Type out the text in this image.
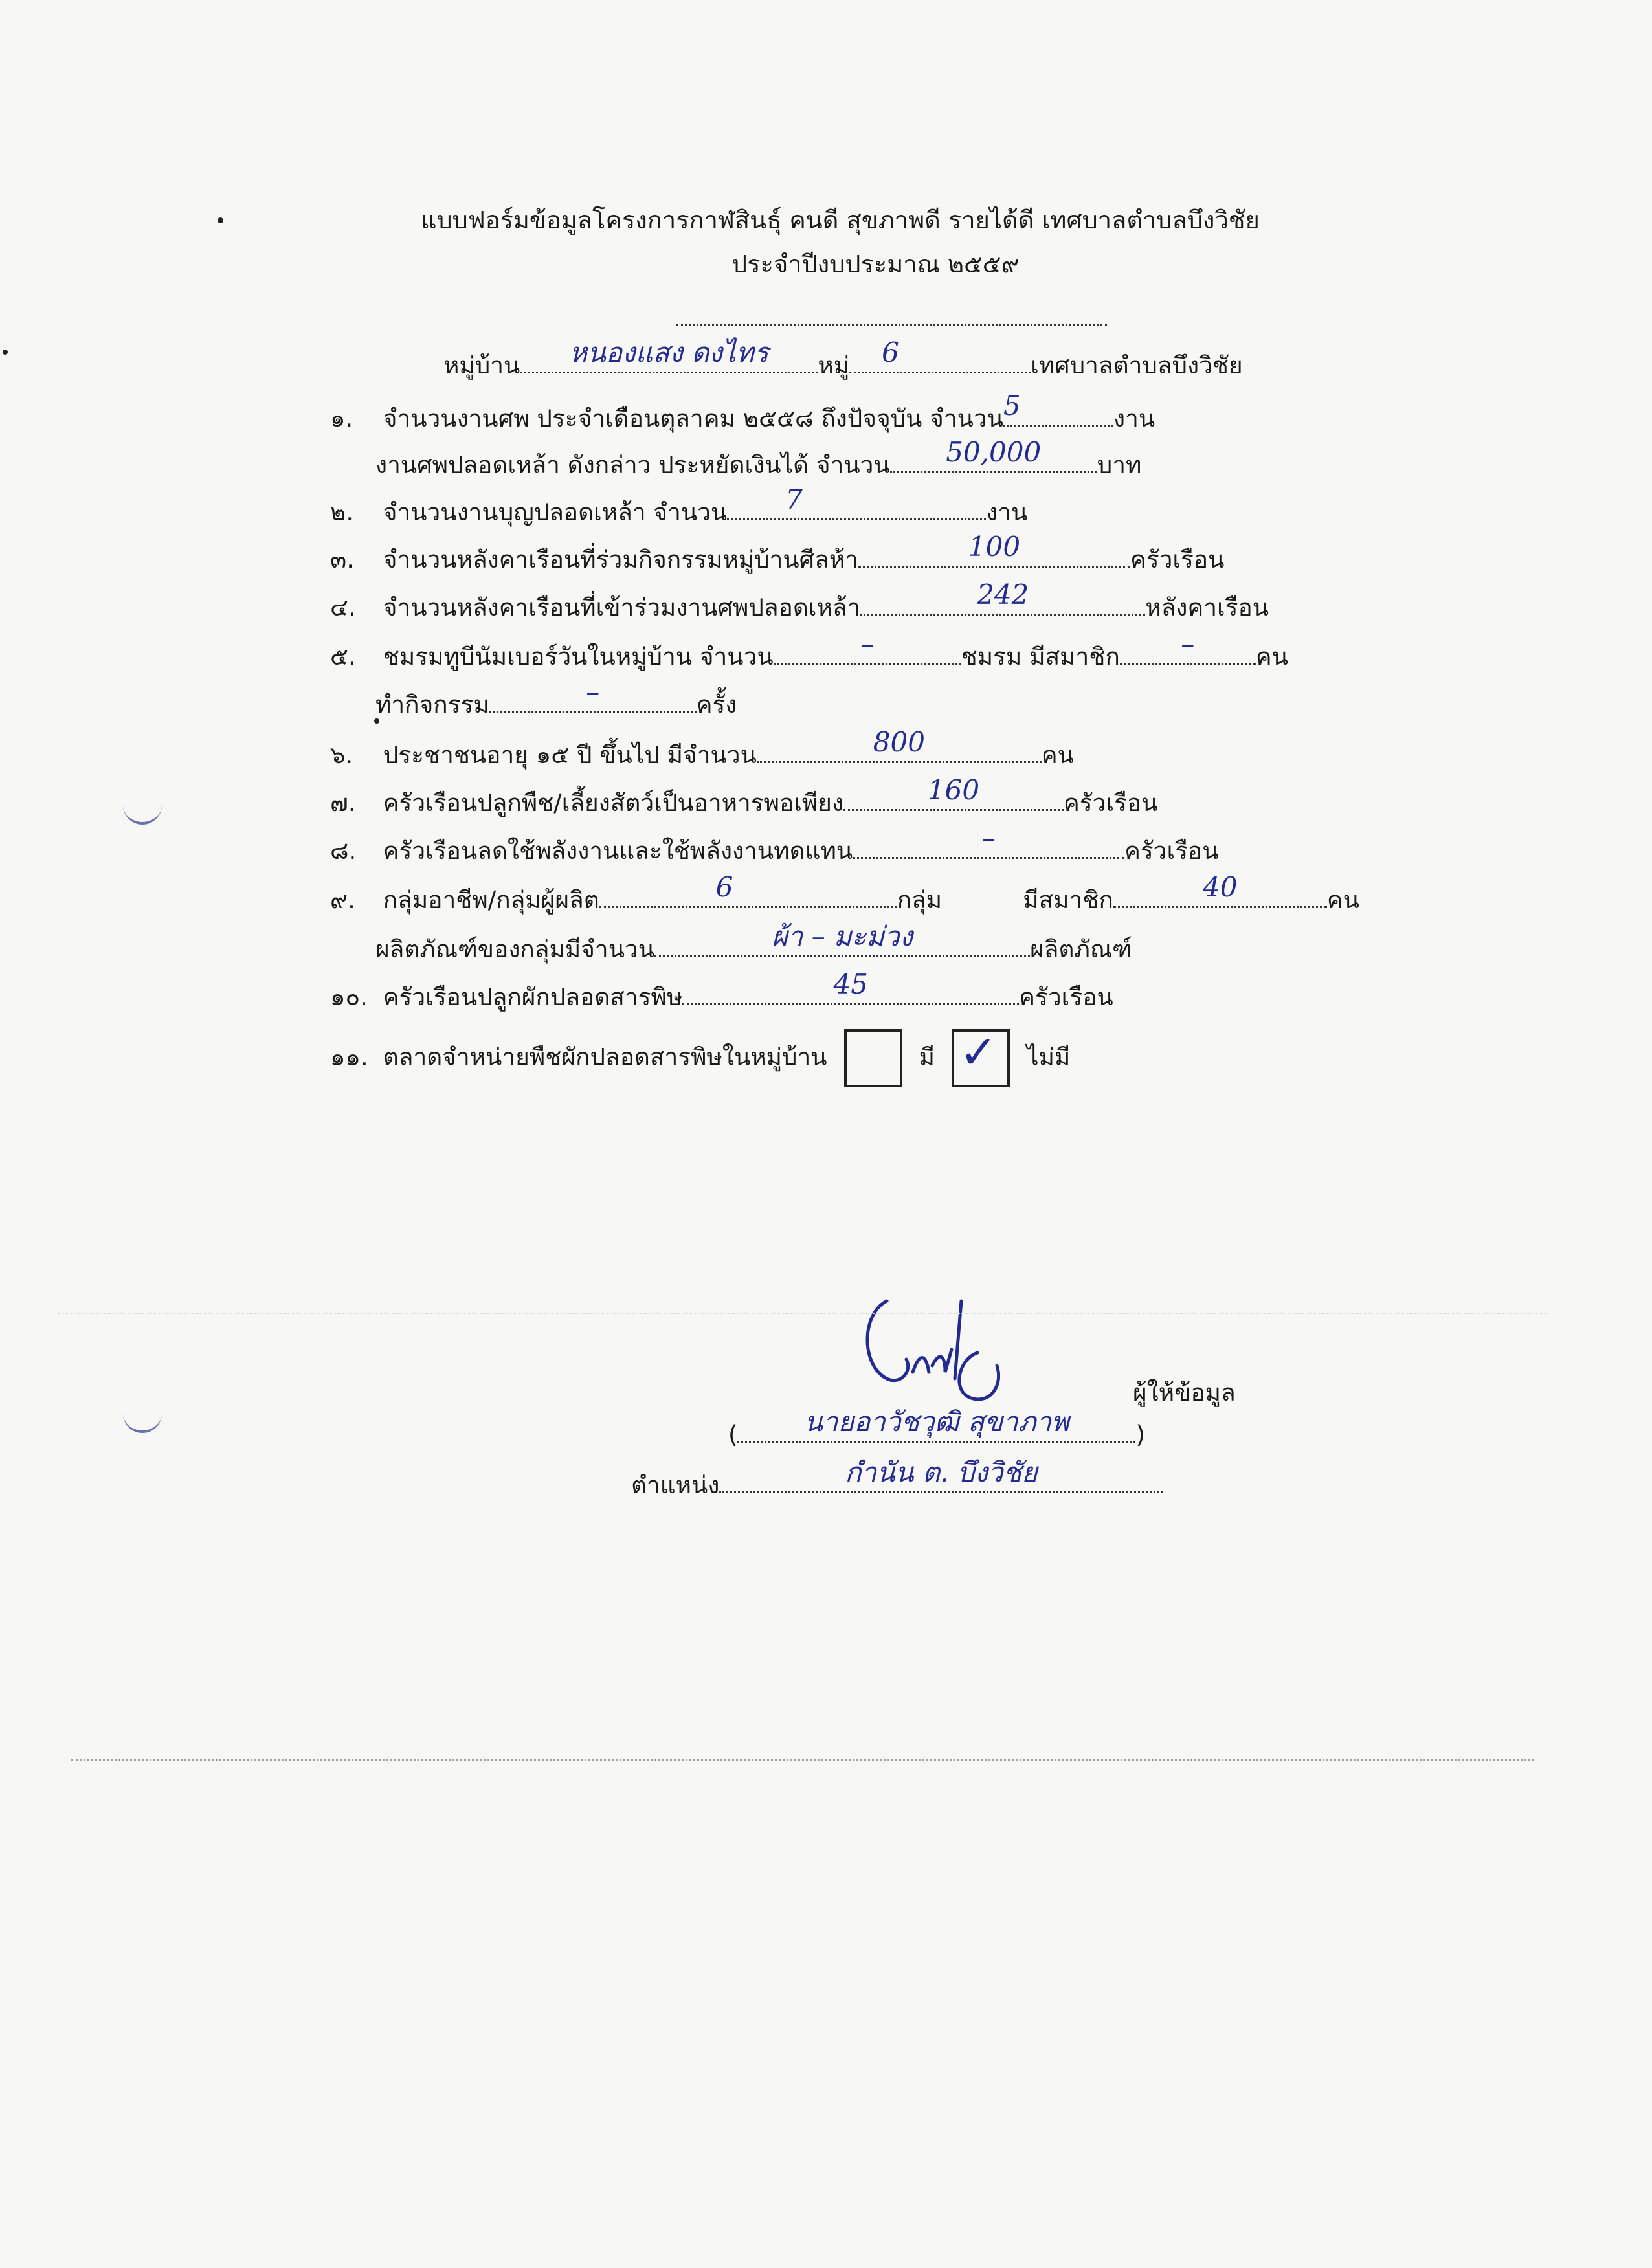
แบบฟอร์มข้อมูลโครงการกาฬสินธุ์ คนดี สุขภาพดี รายได้ดี เทศบาลตำบลบึงวิชัย
ประจำปีงบประมาณ ๒๕๕๙
หมู่บ้าน	หนองแสง ดงไทร	หมู่	6	เทศบาลตำบลบึงวิชัย
๑. จำนวนงานศพ ประจำเดือนตุลาคม ๒๕๕๘ ถึงปัจจุบัน จำนวน 5	งาน
งานศพปลอดเหล้า ดังกล่าว ประหยัดเงินได้ จำนวน	50,000	บาท
๒. จำนวนงานบุญปลอดเหล้า จำนวน	7	งาน
๓. จำนวนหลังคาเรือนที่ร่วมกิจกรรมหมู่บ้านศีลห้า	100	ครัวเรือน
๔. จำนวนหลังคาเรือนที่เข้าร่วมงานศพปลอดเหล้า	242	หลังคาเรือน
๕. ชมรมทูบีนัมเบอร์วันในหมู่บ้าน จำนวน	–	ชมรม มีสมาชิก	–	คน
ทำกิจกรรม	–	ครั้ง
๖. ประชาชนอายุ ๑๕ ปี ขึ้นไป มีจำนวน	800	คน
๗. ครัวเรือนปลูกพืช/เลี้ยงสัตว์เป็นอาหารพอเพียง	160	ครัวเรือน
๘. ครัวเรือนลดใช้พลังงานและใช้พลังงานทดแทน	–	ครัวเรือน
๙. กลุ่มอาชีพ/กลุ่มผู้ผลิต	6	กลุ่ม	มีสมาชิก	40	คน
ผลิตภัณฑ์ของกลุ่มมีจำนวน	ผ้า – มะม่วง	ผลิตภัณฑ์
๑๐. ครัวเรือนปลูกผักปลอดสารพิษ	45	ครัวเรือน
๑๑. ตลาดจำหน่ายพืชผักปลอดสารพิษในหมู่บ้าน	มี ✓ ไม่มี
ผู้ให้ข้อมูล
(	นายอาวัชวุฒิ สุขาภาพ	)
ตำแหน่ง	กำนัน ต. บึงวิชัย
